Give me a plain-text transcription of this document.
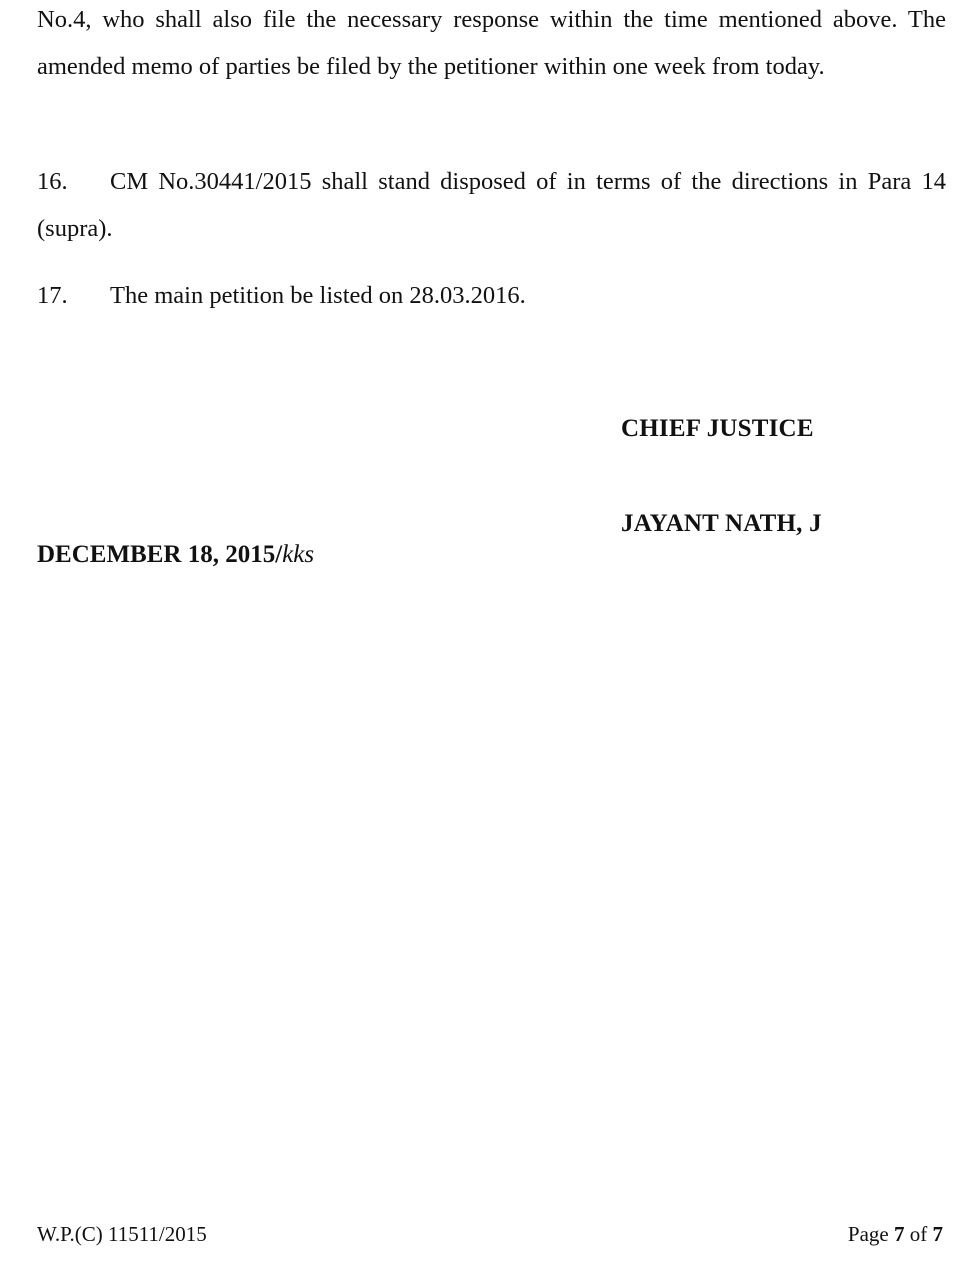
No.4, who shall also file the necessary response within the time mentioned above. The amended memo of parties be filed by the petitioner within one week from today.
16. CM No.30441/2015 shall stand disposed of in terms of the directions in Para 14 (supra).
17. The main petition be listed on 28.03.2016.
CHIEF JUSTICE
JAYANT NATH, J
DECEMBER 18, 2015/kks
W.P.(C) 11511/2015	Page 7 of 7
